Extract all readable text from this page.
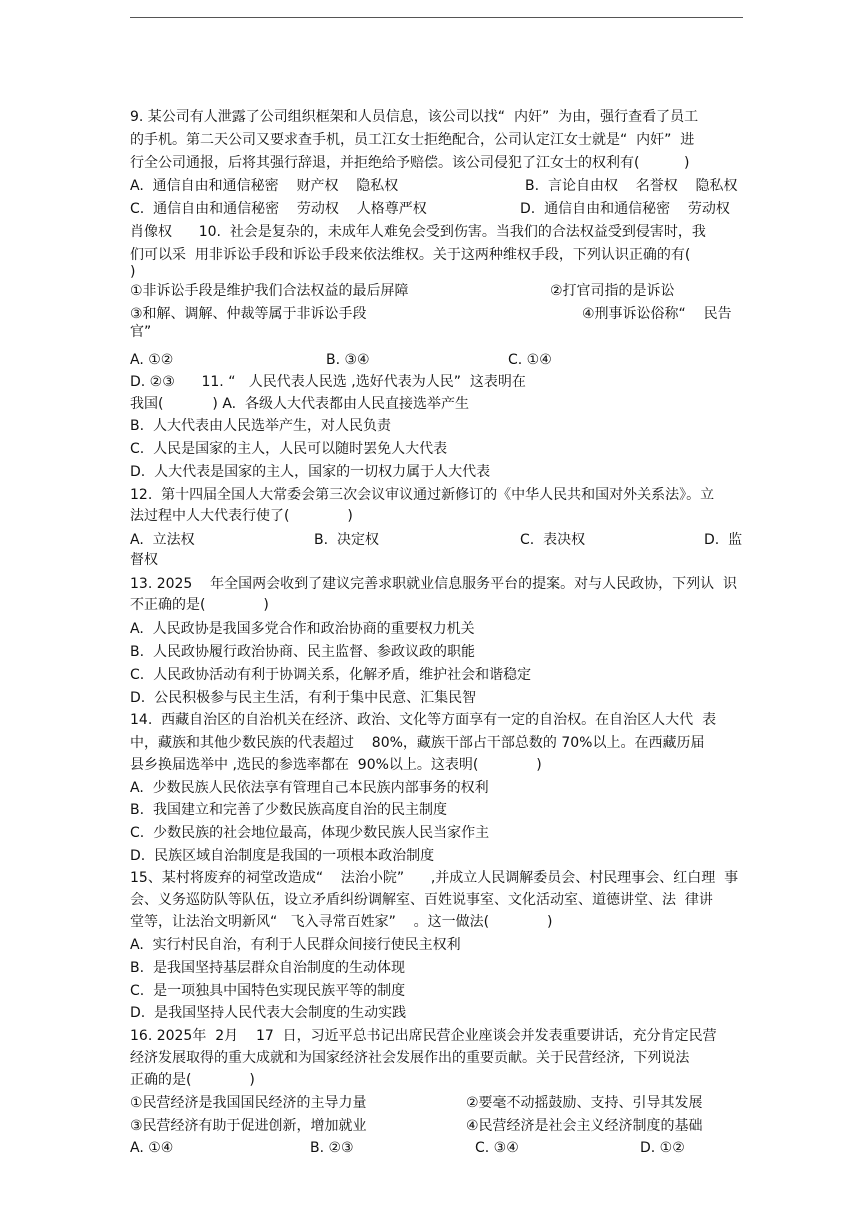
9. 某公司有人泄露了公司组织框架和人员信息，该公司以找“  内奸”  为由，强行查看了员工
的手机。第二天公司又要求查手机，员工江女士拒绝配合，公司认定江女士就是“  内奸”  进
行全公司通报，后将其强行辞退，并拒绝给予赔偿。该公司侵犯了江女士的权利有(          )
A.  通信自由和通信秘密    财产权    隐私权	B.  言论自由权    名誉权    隐私权
C.  通信自由和通信秘密    劳动权    人格尊严权	D.  通信自由和通信秘密    劳动权
肖像权      10.  社会是复杂的，未成年人难免会受到伤害。当我们的合法权益受到侵害时，我
们可以采  用非诉讼手段和诉讼手段来依法维权。关于这两种维权手段，下列认识正确的有(
)
①非诉讼手段是维护我们合法权益的最后屏障	②打官司指的是诉讼
③和解、调解、仲裁等属于非诉讼手段	④刑事诉讼俗称“    民告
官”
A. ①②	B. ③④	C. ①④
D. ②③      11. “   人民代表人民选 ,选好代表为人民”  这表明在
我国(           ) A.  各级人大代表都由人民直接选举产生
B.  人大代表由人民选举产生，对人民负责
C.  人民是国家的主人，人民可以随时罢免人大代表
D.  人大代表是国家的主人，国家的一切权力属于人大代表
12.  第十四届全国人大常委会第三次会议审议通过新修订的《中华人民共和国对外关系法》。立
法过程中人大代表行使了(             )
A.  立法权	B.  决定权	C.  表决权	D.  监
督权
13. 2025    年全国两会收到了建议完善求职就业信息服务平台的提案。对与人民政协，下列认  识
不正确的是(             )
A.  人民政协是我国多党合作和政治协商的重要权力机关
B.  人民政协履行政治协商、民主监督、参政议政的职能
C.  人民政协活动有利于协调关系，化解矛盾，维护社会和谐稳定
D.  公民积极参与民主生活，有利于集中民意、汇集民智
14.  西藏自治区的自治机关在经济、政治、文化等方面享有一定的自治权。在自治区人大代  表
中，藏族和其他少数民族的代表超过    80%，藏族干部占干部总数的 70%以上。在西藏历届
县乡换届选举中 ,选民的参选率都在  90%以上。这表明(             )
A.  少数民族人民依法享有管理自己本民族内部事务的权利
B.  我国建立和完善了少数民族高度自治的民主制度
C.  少数民族的社会地位最高，体现少数民族人民当家作主
D.  民族区域自治制度是我国的一项根本政治制度
15、某村将废弃的祠堂改造成“    法治小院”      ,并成立人民调解委员会、村民理事会、红白理  事
会、义务巡防队等队伍，设立矛盾纠纷调解室、百姓说事室、文化活动室、道德讲堂、法  律讲
堂等，让法治文明新风“   飞入寻常百姓家”    。这一做法(             )
A.  实行村民自治，有利于人民群众间接行使民主权利
B.  是我国坚持基层群众自治制度的生动体现
C.  是一项独具中国特色实现民族平等的制度
D.  是我国坚持人民代表大会制度的生动实践
16. 2025年  2月    17  日，习近平总书记出席民营企业座谈会并发表重要讲话，充分肯定民营
经济发展取得的重大成就和为国家经济社会发展作出的重要贡献。关于民营经济,  下列说法
正确的是(             )
①民营经济是我国国民经济的主导力量	②要毫不动摇鼓励、支持、引导其发展
③民营经济有助于促进创新，增加就业	④民营经济是社会主义经济制度的基础
A. ①④	B. ②③	C. ③④	D. ①②
